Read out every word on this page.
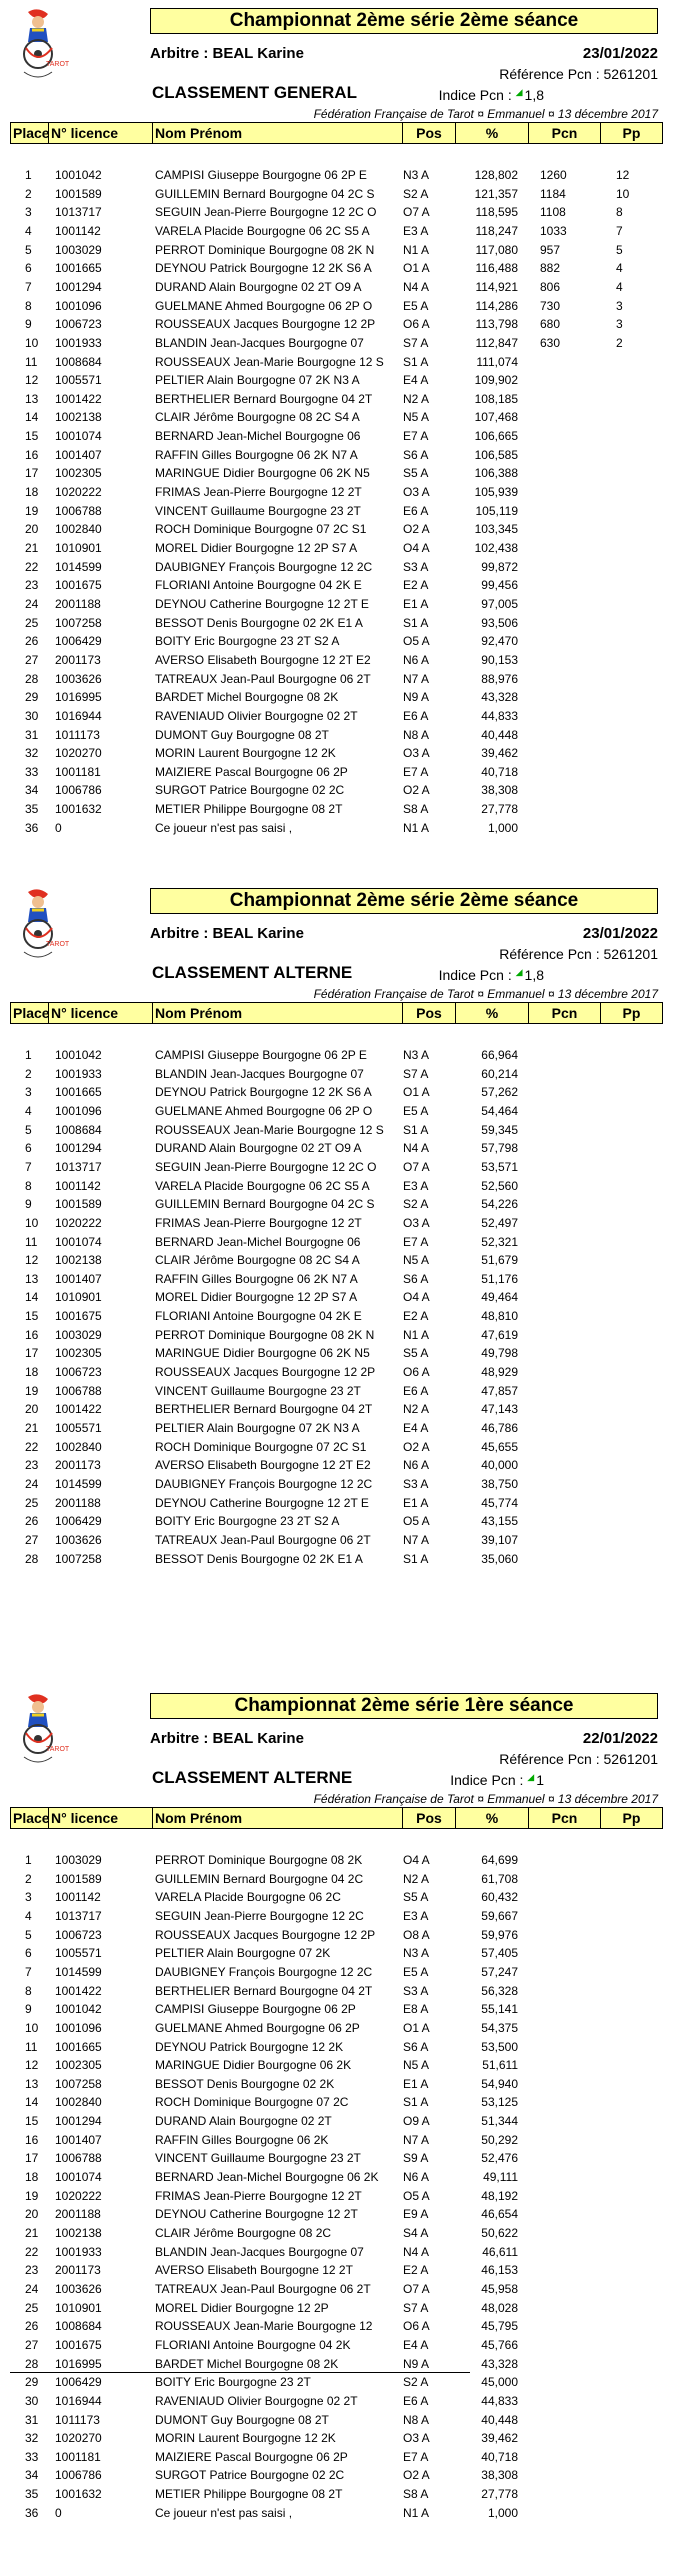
TAROT
Championnat 2ème série 2ème séance
Arbitre : BEAL Karine	23/01/2022
Référence Pcn : 5261201
Indice Pcn : ◢ 1,8
CLASSEMENT GENERAL
Fédération Française de Tarot ¤ Emmanuel ¤ 13 décembre 2017
Place N° licence	Nom Prénom	Pos	%	Pcn	Pp
1 1001042	CAMPISI Giuseppe Bourgogne 06 2P E	N3 A	128,802 1260	12
2 1001589	GUILLEMIN Bernard Bourgogne 04 2C S	S2 A	121,357 1184	10
3 1013717	SEGUIN Jean-Pierre Bourgogne 12 2C O	O7 A	118,595 1108	8
4 1001142	VARELA Placide Bourgogne 06 2C S5 A	E3 A	118,247 1033	7
5 1003029	PERROT Dominique Bourgogne 08 2K N	N1 A	117,080 957	5
6 1001665	DEYNOU Patrick Bourgogne 12 2K S6 A	O1 A	116,488 882	4
7 1001294	DURAND Alain Bourgogne 02 2T O9 A	N4 A	114,921 806	4
8 1001096	GUELMANE Ahmed Bourgogne 06 2P O	E5 A	114,286 730	3
9 1006723	ROUSSEAUX Jacques Bourgogne 12 2P	O6 A	113,798 680	3
10 1001933	BLANDIN Jean-Jacques Bourgogne 07	S7 A	112,847 630	2
11 1008684	ROUSSEAUX Jean-Marie Bourgogne 12 S	S1 A	111,074
12 1005571	PELTIER Alain Bourgogne 07 2K N3 A	E4 A	109,902
13 1001422	BERTHELIER Bernard Bourgogne 04 2T	N2 A	108,185
14 1002138	CLAIR Jérôme Bourgogne 08 2C S4 A	N5 A	107,468
15 1001074	BERNARD Jean-Michel Bourgogne 06	E7 A	106,665
16 1001407	RAFFIN Gilles Bourgogne 06 2K N7 A	S6 A	106,585
17 1002305	MARINGUE Didier Bourgogne 06 2K N5	S5 A	106,388
18 1020222	FRIMAS Jean-Pierre Bourgogne 12 2T	O3 A	105,939
19 1006788	VINCENT Guillaume Bourgogne 23 2T	E6 A	105,119
20 1002840	ROCH Dominique Bourgogne 07 2C S1	O2 A	103,345
21 1010901	MOREL Didier Bourgogne 12 2P S7 A	O4 A	102,438
22 1014599	DAUBIGNEY François Bourgogne 12 2C	S3 A	99,872
23 1001675	FLORIANI Antoine Bourgogne 04 2K E	E2 A	99,456
24 2001188	DEYNOU Catherine Bourgogne 12 2T E	E1 A	97,005
25 1007258	BESSOT Denis Bourgogne 02 2K E1 A	S1 A	93,506
26 1006429	BOITY Eric Bourgogne 23 2T S2 A	O5 A	92,470
27 2001173	AVERSO Elisabeth Bourgogne 12 2T E2	N6 A	90,153
28 1003626	TATREAUX Jean-Paul Bourgogne 06 2T	N7 A	88,976
29 1016995	BARDET Michel Bourgogne 08 2K	N9 A	43,328
30 1016944	RAVENIAUD Olivier Bourgogne 02 2T	E6 A	44,833
31 1011173	DUMONT Guy Bourgogne 08 2T	N8 A	40,448
32 1020270	MORIN Laurent Bourgogne 12 2K	O3 A	39,462
33 1001181	MAIZIERE Pascal Bourgogne 06 2P	E7 A	40,718
34 1006786	SURGOT Patrice Bourgogne 02 2C	O2 A	38,308
35 1001632	METIER Philippe Bourgogne 08 2T	S8 A	27,778
36 0	Ce joueur n'est pas saisi ,	N1 A	1,000
TAROT
Championnat 2ème série 2ème séance
Arbitre : BEAL Karine	23/01/2022
Référence Pcn : 5261201
Indice Pcn : ◢ 1,8
CLASSEMENT ALTERNE
Fédération Française de Tarot ¤ Emmanuel ¤ 13 décembre 2017
Place N° licence	Nom Prénom	Pos	%	Pcn	Pp
1 1001042	CAMPISI Giuseppe Bourgogne 06 2P E	N3 A	66,964
2 1001933	BLANDIN Jean-Jacques Bourgogne 07	S7 A	60,214
3 1001665	DEYNOU Patrick Bourgogne 12 2K S6 A	O1 A	57,262
4 1001096	GUELMANE Ahmed Bourgogne 06 2P O	E5 A	54,464
5 1008684	ROUSSEAUX Jean-Marie Bourgogne 12 S	S1 A	59,345
6 1001294	DURAND Alain Bourgogne 02 2T O9 A	N4 A	57,798
7 1013717	SEGUIN Jean-Pierre Bourgogne 12 2C O	O7 A	53,571
8 1001142	VARELA Placide Bourgogne 06 2C S5 A	E3 A	52,560
9 1001589	GUILLEMIN Bernard Bourgogne 04 2C S	S2 A	54,226
10 1020222	FRIMAS Jean-Pierre Bourgogne 12 2T	O3 A	52,497
11 1001074	BERNARD Jean-Michel Bourgogne 06	E7 A	52,321
12 1002138	CLAIR Jérôme Bourgogne 08 2C S4 A	N5 A	51,679
13 1001407	RAFFIN Gilles Bourgogne 06 2K N7 A	S6 A	51,176
14 1010901	MOREL Didier Bourgogne 12 2P S7 A	O4 A	49,464
15 1001675	FLORIANI Antoine Bourgogne 04 2K E	E2 A	48,810
16 1003029	PERROT Dominique Bourgogne 08 2K N	N1 A	47,619
17 1002305	MARINGUE Didier Bourgogne 06 2K N5	S5 A	49,798
18 1006723	ROUSSEAUX Jacques Bourgogne 12 2P	O6 A	48,929
19 1006788	VINCENT Guillaume Bourgogne 23 2T	E6 A	47,857
20 1001422	BERTHELIER Bernard Bourgogne 04 2T	N2 A	47,143
21 1005571	PELTIER Alain Bourgogne 07 2K N3 A	E4 A	46,786
22 1002840	ROCH Dominique Bourgogne 07 2C S1	O2 A	45,655
23 2001173	AVERSO Elisabeth Bourgogne 12 2T E2	N6 A	40,000
24 1014599	DAUBIGNEY François Bourgogne 12 2C	S3 A	38,750
25 2001188	DEYNOU Catherine Bourgogne 12 2T E	E1 A	45,774
26 1006429	BOITY Eric Bourgogne 23 2T S2 A	O5 A	43,155
27 1003626	TATREAUX Jean-Paul Bourgogne 06 2T	N7 A	39,107
28 1007258	BESSOT Denis Bourgogne 02 2K E1 A	S1 A	35,060
TAROT
Championnat 2ème série 1ère séance
Arbitre : BEAL Karine	22/01/2022
Référence Pcn : 5261201
Indice Pcn : ◢ 1
CLASSEMENT ALTERNE
Fédération Française de Tarot ¤ Emmanuel ¤ 13 décembre 2017
Place N° licence	Nom Prénom	Pos	%	Pcn	Pp
1 1003029	PERROT Dominique Bourgogne 08 2K	O4 A	64,699
2 1001589	GUILLEMIN Bernard Bourgogne 04 2C	N2 A	61,708
3 1001142	VARELA Placide Bourgogne 06 2C	S5 A	60,432
4 1013717	SEGUIN Jean-Pierre Bourgogne 12 2C	E3 A	59,667
5 1006723	ROUSSEAUX Jacques Bourgogne 12 2P	O8 A	59,976
6 1005571	PELTIER Alain Bourgogne 07 2K	N3 A	57,405
7 1014599	DAUBIGNEY François Bourgogne 12 2C	E5 A	57,247
8 1001422	BERTHELIER Bernard Bourgogne 04 2T	S3 A	56,328
9 1001042	CAMPISI Giuseppe Bourgogne 06 2P	E8 A	55,141
10 1001096	GUELMANE Ahmed Bourgogne 06 2P	O1 A	54,375
11 1001665	DEYNOU Patrick Bourgogne 12 2K	S6 A	53,500
12 1002305	MARINGUE Didier Bourgogne 06 2K	N5 A	51,611
13 1007258	BESSOT Denis Bourgogne 02 2K	E1 A	54,940
14 1002840	ROCH Dominique Bourgogne 07 2C	S1 A	53,125
15 1001294	DURAND Alain Bourgogne 02 2T	O9 A	51,344
16 1001407	RAFFIN Gilles Bourgogne 06 2K	N7 A	50,292
17 1006788	VINCENT Guillaume Bourgogne 23 2T	S9 A	52,476
18 1001074	BERNARD Jean-Michel Bourgogne 06 2K	N6 A	49,111
19 1020222	FRIMAS Jean-Pierre Bourgogne 12 2T	O5 A	48,192
20 2001188	DEYNOU Catherine Bourgogne 12 2T	E9 A	46,654
21 1002138	CLAIR Jérôme Bourgogne 08 2C	S4 A	50,622
22 1001933	BLANDIN Jean-Jacques Bourgogne 07	N4 A	46,611
23 2001173	AVERSO Elisabeth Bourgogne 12 2T	E2 A	46,153
24 1003626	TATREAUX Jean-Paul Bourgogne 06 2T	O7 A	45,958
25 1010901	MOREL Didier Bourgogne 12 2P	S7 A	48,028
26 1008684	ROUSSEAUX Jean-Marie Bourgogne 12	O6 A	45,795
27 1001675	FLORIANI Antoine Bourgogne 04 2K	E4 A	45,766
28 1016995	BARDET Michel Bourgogne 08 2K	N9 A	43,328
29 1006429	BOITY Eric Bourgogne 23 2T	S2 A	45,000
30 1016944	RAVENIAUD Olivier Bourgogne 02 2T	E6 A	44,833
31 1011173	DUMONT Guy Bourgogne 08 2T	N8 A	40,448
32 1020270	MORIN Laurent Bourgogne 12 2K	O3 A	39,462
33 1001181	MAIZIERE Pascal Bourgogne 06 2P	E7 A	40,718
34 1006786	SURGOT Patrice Bourgogne 02 2C	O2 A	38,308
35 1001632	METIER Philippe Bourgogne 08 2T	S8 A	27,778
36 0	Ce joueur n'est pas saisi ,	N1 A	1,000
